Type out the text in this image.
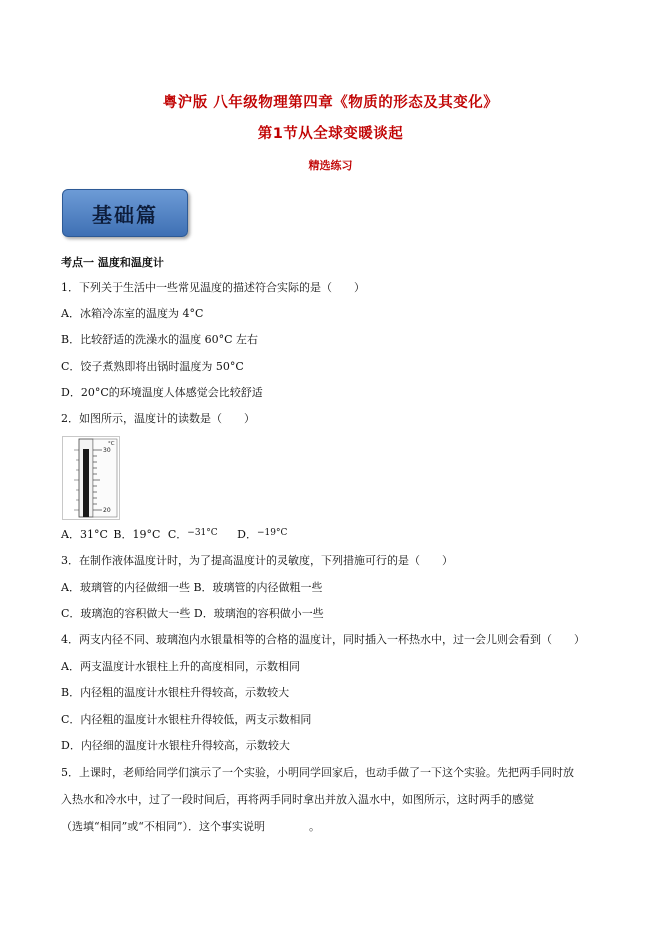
粤沪版 八年级物理第四章《物质的形态及其变化》
第1节从全球变暖谈起
精选练习
基础篇
考点一 温度和温度计
1．下列关于生活中一些常见温度的描述符合实际的是（　　）
A．冰箱冷冻室的温度为 4°C
B．比较舒适的洗澡水的温度 60°C 左右
C．饺子煮熟即将出锅时温度为 50°C
D．20°C的环境温度人体感觉会比较舒适
2．如图所示，温度计的读数是（　　）
°C
30
20
A．31°C B．19°C C．−31°C D．−19°C
3．在制作液体温度计时，为了提高温度计的灵敏度，下列措施可行的是（　　）
A．玻璃管的内径做细一些 B．玻璃管的内径做粗一些
C．玻璃泡的容积做大一些 D．玻璃泡的容积做小一些
4．两支内径不同、玻璃泡内水银量相等的合格的温度计，同时插入一杯热水中，过一会儿则会看到（　　）
A．两支温度计水银柱上升的高度相同，示数相同
B．内径粗的温度计水银柱升得较高，示数较大
C．内径粗的温度计水银柱升得较低，两支示数相同
D．内径细的温度计水银柱升得较高，示数较大
5．上课时，老师给同学们演示了一个实验，小明同学回家后，也动手做了一下这个实验。先把两手同时放
入热水和冷水中，过了一段时间后，再将两手同时拿出并放入温水中，如图所示，这时两手的感觉
（选填“相同”或“不相同”）．这个事实说明　　　　。
